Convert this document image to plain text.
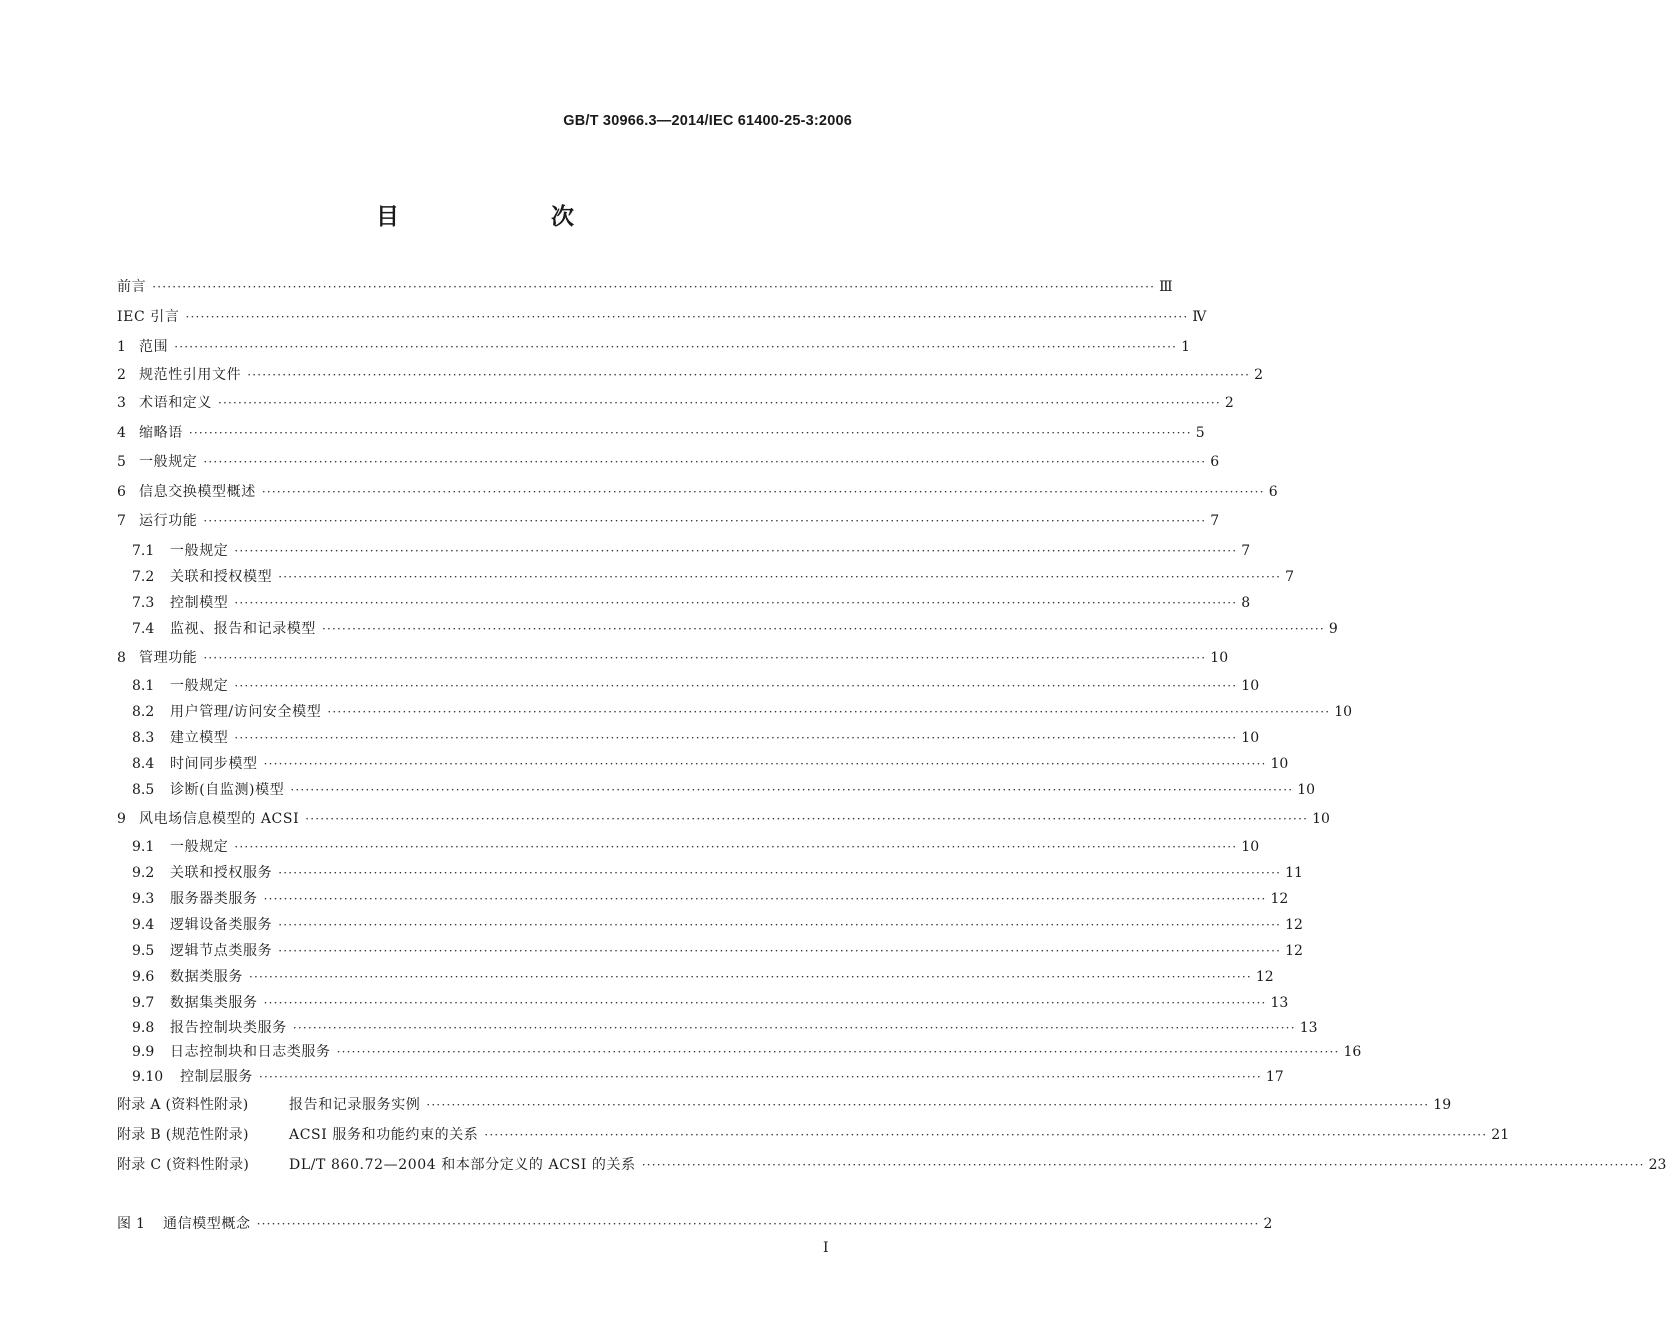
GB/T 30966.3—2014/IEC 61400-25-3:2006
目 次
前言 ········································································································································································································ Ⅲ
IEC 引言 ········································································································································································································ Ⅳ
1 范围 ········································································································································································································ 1
2 规范性引用文件 ········································································································································································································ 2
3 术语和定义 ········································································································································································································ 2
4 缩略语 ········································································································································································································ 5
5 一般规定 ········································································································································································································ 6
6 信息交换模型概述 ········································································································································································································ 6
7 运行功能 ········································································································································································································ 7
7.1	一般规定 ········································································································································································································ 7
7.2	关联和授权模型 ········································································································································································································ 7
7.3	控制模型 ········································································································································································································ 8
7.4	监视、报告和记录模型 ········································································································································································································ 9
8 管理功能 ········································································································································································································ 10
8.1	一般规定 ········································································································································································································ 10
8.2	用户管理/访问安全模型 ········································································································································································································ 10
8.3	建立模型 ········································································································································································································ 10
8.4	时间同步模型 ········································································································································································································ 10
8.5	诊断(自监测)模型 ········································································································································································································ 10
9 风电场信息模型的 ACSI ········································································································································································································ 10
9.1	一般规定 ········································································································································································································ 10
9.2	关联和授权服务 ········································································································································································································ 11
9.3	服务器类服务 ········································································································································································································ 12
9.4	逻辑设备类服务 ········································································································································································································ 12
9.5	逻辑节点类服务 ········································································································································································································ 12
9.6	数据类服务 ········································································································································································································ 12
9.7	数据集类服务 ········································································································································································································ 13
9.8	报告控制块类服务 ········································································································································································································ 13
9.9	日志控制块和日志类服务 ········································································································································································································ 16
9.10	控制层服务 ········································································································································································································ 17
附录 A (资料性附录)	报告和记录服务实例 ········································································································································································································ 19
附录 B (规范性附录)	ACSI 服务和功能约束的关系 ········································································································································································································ 21
附录 C (资料性附录)	DL/T 860.72—2004 和本部分定义的 ACSI 的关系 ········································································································································································································ 23
图 1	通信模型概念 ········································································································································································································ 2
I
